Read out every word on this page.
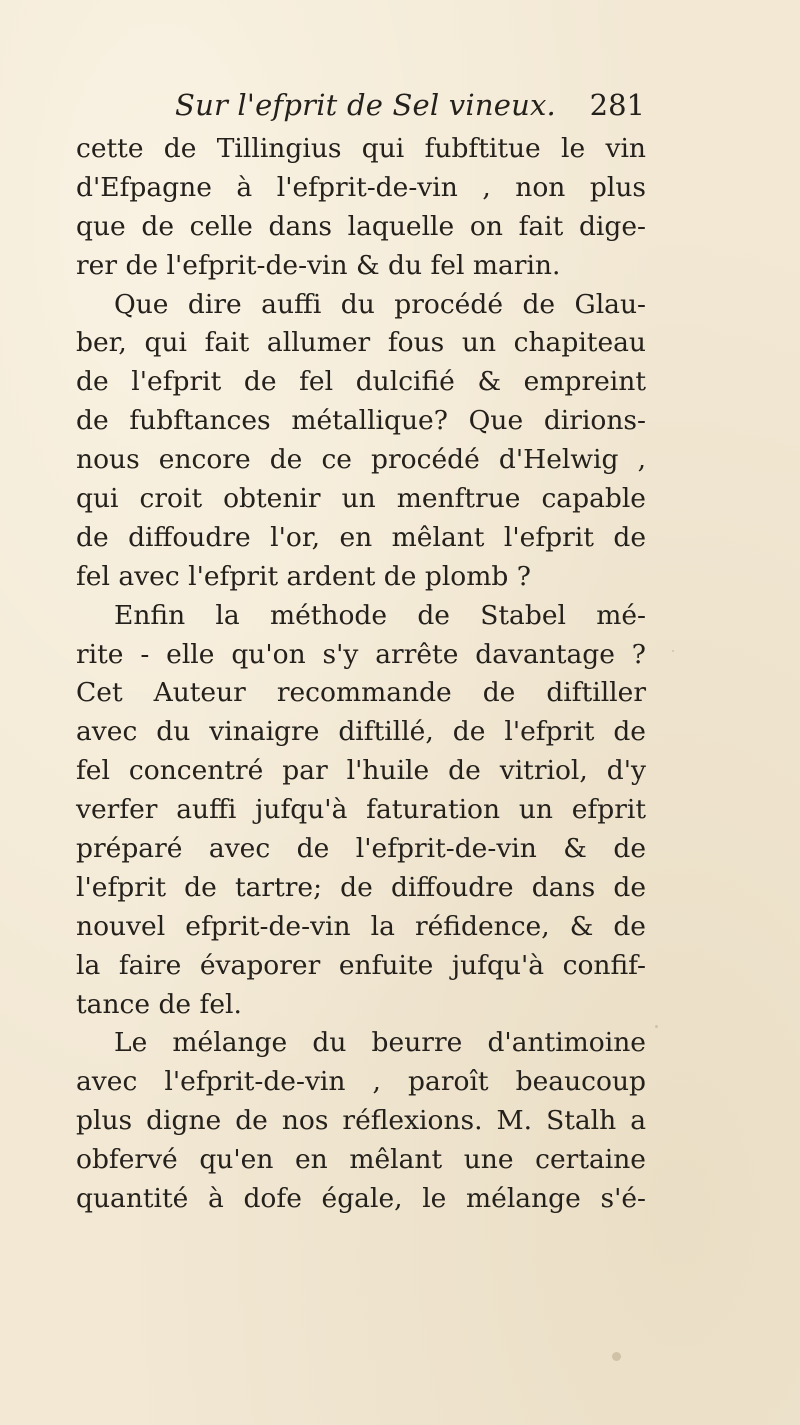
Sur l'efprit de Sel vineux. 281
cette de Tillingius qui fubftitue le vin
d'Efpagne à l'efprit-de-vin , non plus
que de celle dans laquelle on fait dige-
rer de l'efprit-de-vin & du fel marin.
Que dire auffi du procédé de Glau-
ber, qui fait allumer fous un chapiteau
de l'efprit de fel dulcifié & empreint
de fubftances métallique? Que dirions-
nous encore de ce procédé d'Helwig ,
qui croit obtenir un menftrue capable
de diffoudre l'or, en mêlant l'efprit de
fel avec l'efprit ardent de plomb ?
Enfin la méthode de Stabel mé-
rite - elle qu'on s'y arrête davantage ?
Cet Auteur recommande de diftiller
avec du vinaigre diftillé, de l'efprit de
fel concentré par l'huile de vitriol, d'y
verfer auffi jufqu'à faturation un efprit
préparé avec de l'efprit-de-vin & de
l'efprit de tartre; de diffoudre dans de
nouvel efprit-de-vin la réfidence, & de
la faire évaporer enfuite jufqu'à confif-
tance de fel.
Le mélange du beurre d'antimoine
avec l'efprit-de-vin , paroît beaucoup
plus digne de nos réflexions. M. Stalh a
obfervé qu'en en mêlant une certaine
quantité à dofe égale, le mélange s'é-
